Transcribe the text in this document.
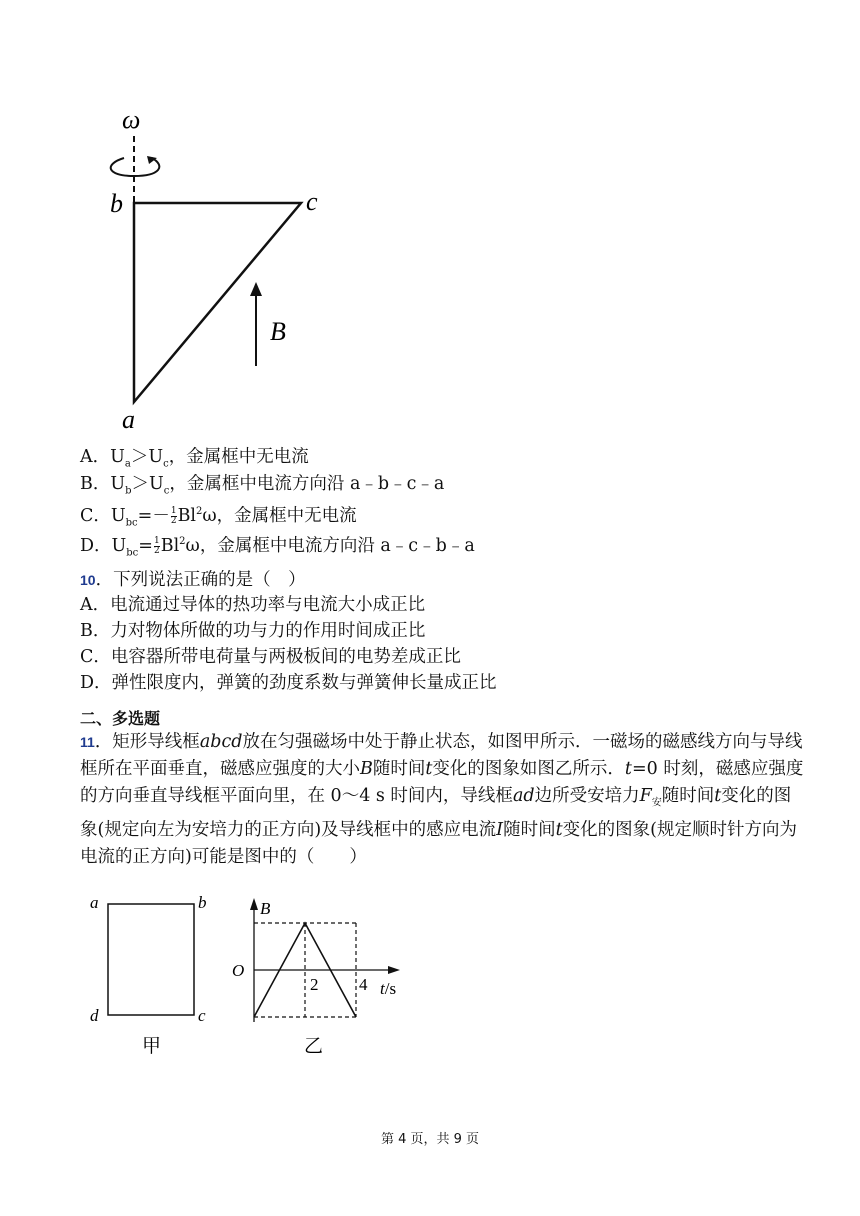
ω
b	c
B
a
A．$U_a>U_c$，金属框中无电流
B．$U_b>U_c$，金属框中电流方向沿 a﹣b﹣c﹣a
C．$U_{bc}=- \frac{1}{2} Bl^2\omega$，金属框中无电流
D．$U_{bc}= \frac{1}{2} Bl^2\omega$，金属框中电流方向沿 a﹣c﹣b﹣a
10．下列说法正确的是（　）
A．电流通过导体的热功率与电流大小成正比
B．力对物体所做的功与力的作用时间成正比
C．电容器所带电荷量与两极板间的电势差成正比
D．弹性限度内，弹簧的劲度系数与弹簧伸长量成正比
二、多选题
11．矩形导线框abcd放在匀强磁场中处于静止状态，如图甲所示．一磁场的磁感线方向与导线框所在平面垂直，磁感应强度的大小B随时间t变化的图象如图乙所示．t=0 时刻，磁感应强度的方向垂直导线框平面向里，在 0～4 s 时间内，导线框ad边所受安培力$F_安$随时间t变化的图象(规定向左为安培力的正方向)及导线框中的感应电流I随时间t变化的图象(规定顺时针方向为电流的正方向)可能是图中的（　　）
a	b
d	c
甲
B
O
2 4 t/s
乙
第 4 页，共 9 页
